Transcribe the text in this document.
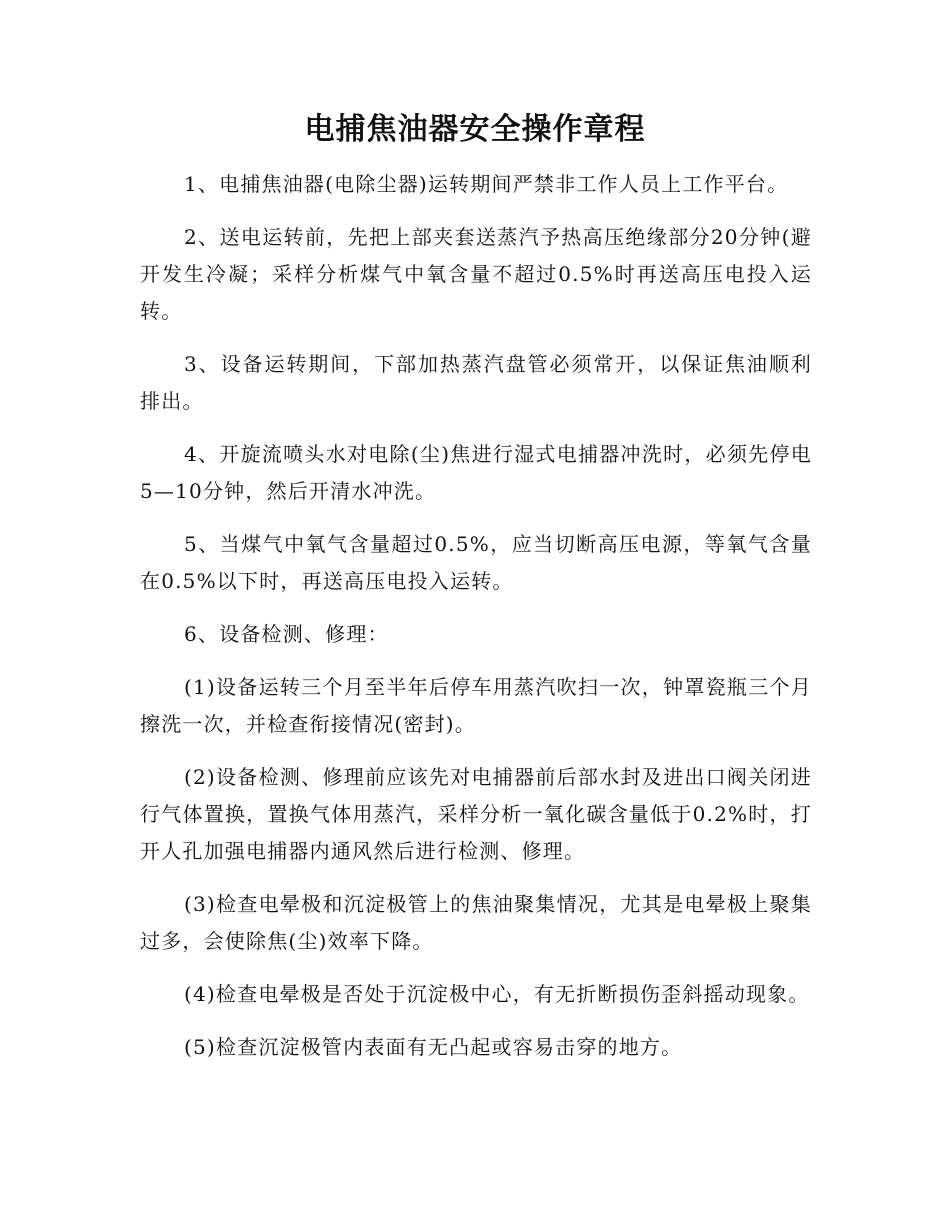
电捕焦油器安全操作章程

1、电捕焦油器(电除尘器)运转期间严禁非工作人员上工作平台。

2、送电运转前，先把上部夹套送蒸汽予热高压绝缘部分20分钟(避开发生冷凝；采样分析煤气中氧含量不超过0.5%时再送高压电投入运转。

3、设备运转期间，下部加热蒸汽盘管必须常开，以保证焦油顺利排出。

4、开旋流喷头水对电除(尘)焦进行湿式电捕器冲洗时，必须先停电5—10分钟，然后开清水冲洗。

5、当煤气中氧气含量超过0.5%，应当切断高压电源，等氧气含量在0.5%以下时，再送高压电投入运转。

6、设备检测、修理：

(1)设备运转三个月至半年后停车用蒸汽吹扫一次，钟罩瓷瓶三个月擦洗一次，并检查衔接情况(密封)。

(2)设备检测、修理前应该先对电捕器前后部水封及进出口阀关闭进行气体置换，置换气体用蒸汽，采样分析一氧化碳含量低于0.2%时，打开人孔加强电捕器内通风然后进行检测、修理。

(3)检查电晕极和沉淀极管上的焦油聚集情况，尤其是电晕极上聚集过多，会使除焦(尘)效率下降。

(4)检查电晕极是否处于沉淀极中心，有无折断损伤歪斜摇动现象。

(5)检查沉淀极管内表面有无凸起或容易击穿的地方。
